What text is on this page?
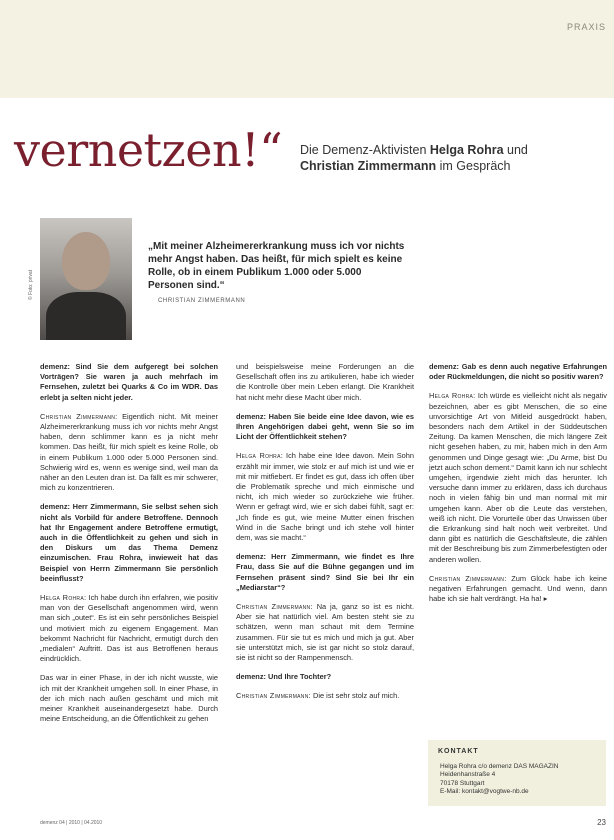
PRAXIS
vernetzen!“ Die Demenz-Aktivisten Helga Rohra und
Christian Zimmermann im Gespräch
© Foto: privat
„Mit meiner Alzheimererkrankung muss ich vor nichts mehr Angst haben. Das heißt, für mich spielt es keine Rolle, ob in einem Publikum 1.000 oder 5.000 Personen sind.“
CHRISTIAN ZIMMERMANN

demenz: Sind Sie dem aufgeregt bei solchen Vorträgen? Sie waren ja auch mehrfach im Fernsehen, zuletzt bei Quarks & Co im WDR. Das erlebt ja selten nicht jeder.

Christian Zimmermann: Eigentlich nicht. Mit meiner Alzheimererkrankung muss ich vor nichts mehr Angst haben, denn schlimmer kann es ja nicht mehr kommen. Das heißt, für mich spielt es keine Rolle, ob in einem Publikum 1.000 oder 5.000 Personen sind. Schwierig wird es, wenn es wenige sind, weil man da näher an den Leuten dran ist. Da fällt es mir schwerer, mich zu konzentrieren.

demenz: Herr Zimmermann, Sie selbst sehen sich nicht als Vorbild für andere Betroffene. Dennoch hat Ihr Engagement andere Betroffene ermutigt, auch in die Öffentlichkeit zu gehen und sich in den Diskurs um das Thema Demenz einzumischen. Frau Rohra, inwieweit hat das Beispiel von Herrn Zimmermann Sie persönlich beeinflusst?

Helga Rohra: Ich habe durch ihn erfahren, wie positiv man von der Gesellschaft angenommen wird, wenn man sich „outet“. Es ist ein sehr persönliches Beispiel und motiviert mich zu eigenem Engagement. Man bekommt Nachricht für Nachricht, ermutigt durch den „medialen“ Auftritt. Das ist aus Betroffenen heraus eindrücklich.

Das war in einer Phase, in der ich nicht wusste, wie ich mit der Krankheit umgehen soll. In einer Phase, in der ich mich nach außen geschämt und mich mit meiner Krankheit auseinandergesetzt habe. Durch meine Entscheidung, an die Öffentlichkeit zu gehen

und beispielsweise meine Forderungen an die Gesellschaft offen ins zu artikulieren, habe ich wieder die Kontrolle über mein Leben erlangt. Die Krankheit hat nicht mehr diese Macht über mich.

demenz: Haben Sie beide eine Idee davon, wie es Ihren Angehörigen dabei geht, wenn Sie so im Licht der Öffentlichkeit stehen?

Helga Rohra: Ich habe eine Idee davon. Mein Sohn erzählt mir immer, wie stolz er auf mich ist und wie er mit mir mitfiebert. Er findet es gut, dass ich offen über die Problematik spreche und mich einmische und nicht, ich mich wieder so zurückziehe wie früher. Wenn er gefragt wird, wie er sich dabei fühlt, sagt er: „Ich finde es gut, wie meine Mutter einen frischen Wind in die Sache bringt und ich stehe voll hinter dem, was sie macht.“

demenz: Herr Zimmermann, wie findet es Ihre Frau, dass Sie auf die Bühne gegangen und im Fernsehen präsent sind? Sind Sie bei Ihr ein „Mediarstar“?

Christian Zimmermann: Na ja, ganz so ist es nicht. Aber sie hat natürlich viel. Am besten steht sie zu schätzen, wenn man schaut mit dem Termine zusammen. Für sie tut es mich und mich ja gut. Aber sie unterstützt mich, sie ist gar nicht so stolz darauf, sie ist nicht so der Rampenmensch.

demenz: Und Ihre Tochter?

Christian Zimmermann: Die ist sehr stolz auf mich.

demenz: Gab es denn auch negative Erfahrungen oder Rückmeldungen, die nicht so positiv waren?

Helga Rohra: Ich würde es vielleicht nicht als negativ bezeichnen, aber es gibt Menschen, die so eine unvorsichtige Art von Mitleid ausgedrückt haben, besonders nach dem Artikel in der Süddeutschen Zeitung. Da kamen Menschen, die mich längere Zeit nicht gesehen haben, zu mir, haben mich in den Arm genommen und Dinge gesagt wie: „Du Arme, bist Du jetzt auch schon dement.“ Damit kann ich nur schlecht umgehen, irgendwie zieht mich das herunter. Ich versuche dann immer zu erklären, dass ich durchaus noch in vielen fähig bin und man normal mit mir umgehen kann. Aber ob die Leute das verstehen, weiß ich nicht. Die Vorurteile über das Unwissen über die Erkrankung sind halt noch weit verbreitet. Und dann gibt es natürlich die Geschäftsleute, die zählen mit der Beschreibung bis zum Zimmerbefestigten oder anderen wollen.

Christian Zimmermann: Zum Glück habe ich keine negativen Erfahrungen gemacht. Und wenn, dann habe ich sie halt verdrängt. Ha ha! ▸

KONTAKT
Helga Rohra c/o demenz DAS MAGAZIN
Heidenhanstraße 4
70178 Stuttgart
E-Mail: kontakt@vogtwe-nb.de
demenz 04 | 2010 | 04.2010	23
